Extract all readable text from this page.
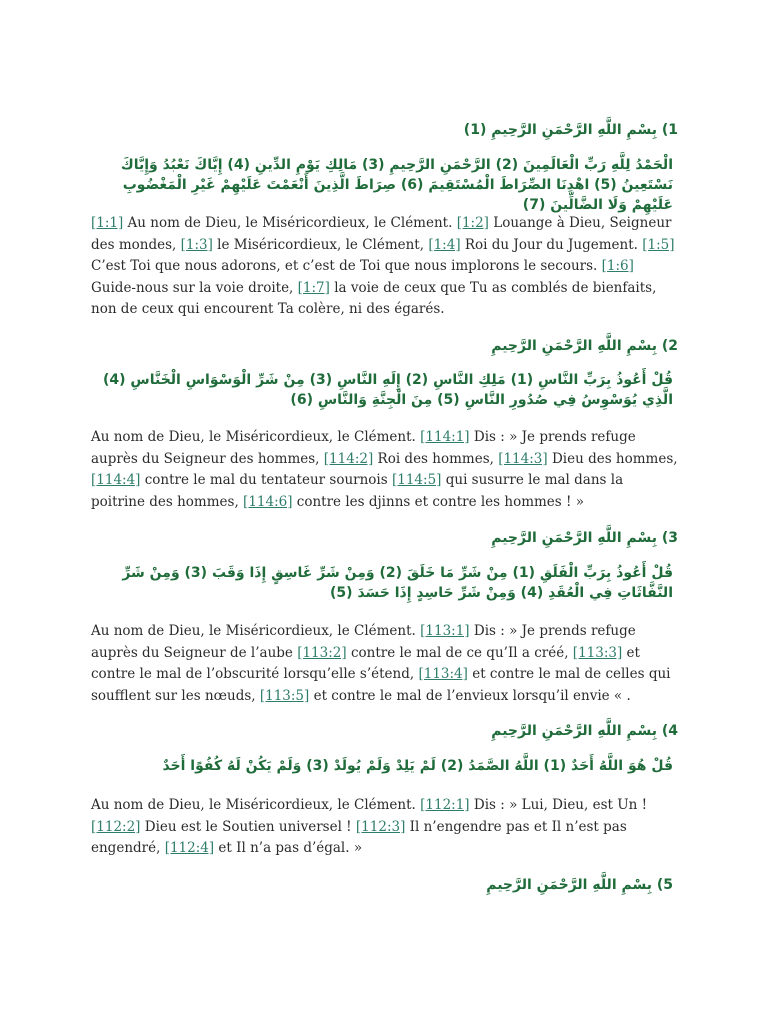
1) بِسْمِ اللَّهِ الرَّحْمَنِ الرَّحِيمِ (1)
الْحَمْدُ لِلَّهِ رَبِّ الْعَالَمِينَ (2) الرَّحْمَنِ الرَّحِيمِ (3) مَالِكِ يَوْمِ الدِّينِ (4) إِيَّاكَ نَعْبُدُ وَإِيَّاكَ نَسْتَعِينُ (5) اهْدِنَا الصِّرَاطَ الْمُسْتَقِيمَ (6) صِرَاطَ الَّذِينَ أَنْعَمْتَ عَلَيْهِمْ غَيْرِ الْمَغْضُوبِ عَلَيْهِمْ وَلَا الضَّالِّينَ (7)
[1:1] Au nom de Dieu, le Miséricordieux, le Clément. [1:2] Louange à Dieu, Seigneur des mondes, [1:3] le Miséricordieux, le Clément, [1:4] Roi du Jour du Jugement. [1:5] C’est Toi que nous adorons, et c’est de Toi que nous implorons le secours. [1:6] Guide-nous sur la voie droite, [1:7] la voie de ceux que Tu as comblés de bienfaits, non de ceux qui encourent Ta colère, ni des égarés.
2) بِسْمِ اللَّهِ الرَّحْمَنِ الرَّحِيمِ
قُلْ أَعُوذُ بِرَبِّ النَّاسِ (1) مَلِكِ النَّاسِ (2) إِلَهِ النَّاسِ (3) مِنْ شَرِّ الْوَسْوَاسِ الْخَنَّاسِ (4) الَّذِي يُوَسْوِسُ فِي صُدُورِ النَّاسِ (5) مِنَ الْجِنَّةِ وَالنَّاسِ (6)
Au nom de Dieu, le Miséricordieux, le Clément. [114:1] Dis : » Je prends refuge auprès du Seigneur des hommes, [114:2] Roi des hommes, [114:3] Dieu des hommes, [114:4] contre le mal du tentateur sournois [114:5] qui susurre le mal dans la poitrine des hommes, [114:6] contre les djinns et contre les hommes ! »
3) بِسْمِ اللَّهِ الرَّحْمَنِ الرَّحِيمِ
قُلْ أَعُوذُ بِرَبِّ الْفَلَقِ (1) مِنْ شَرِّ مَا خَلَقَ (2) وَمِنْ شَرِّ غَاسِقٍ إِذَا وَقَبَ (3) وَمِنْ شَرِّ النَّفَّاثَاتِ فِي الْعُقَدِ (4) وَمِنْ شَرِّ حَاسِدٍ إِذَا حَسَدَ (5)
Au nom de Dieu, le Miséricordieux, le Clément. [113:1] Dis : » Je prends refuge auprès du Seigneur de l’aube [113:2] contre le mal de ce qu’Il a créé, [113:3] et contre le mal de l’obscurité lorsqu’elle s’étend, [113:4] et contre le mal de celles qui soufflent sur les nœuds, [113:5] et contre le mal de l’envieux lorsqu’il envie « .
4) بِسْمِ اللَّهِ الرَّحْمَنِ الرَّحِيمِ
قُلْ هُوَ اللَّهُ أَحَدٌ (1) اللَّهُ الصَّمَدُ (2) لَمْ يَلِدْ وَلَمْ يُولَدْ (3) وَلَمْ يَكُنْ لَهُ كُفُوًا أَحَدٌ
Au nom de Dieu, le Miséricordieux, le Clément. [112:1] Dis : » Lui, Dieu, est Un ! [112:2] Dieu est le Soutien universel ! [112:3] Il n’engendre pas et Il n’est pas engendré, [112:4] et Il n’a pas d’égal. »
5) بِسْمِ اللَّهِ الرَّحْمَنِ الرَّحِيمِ
